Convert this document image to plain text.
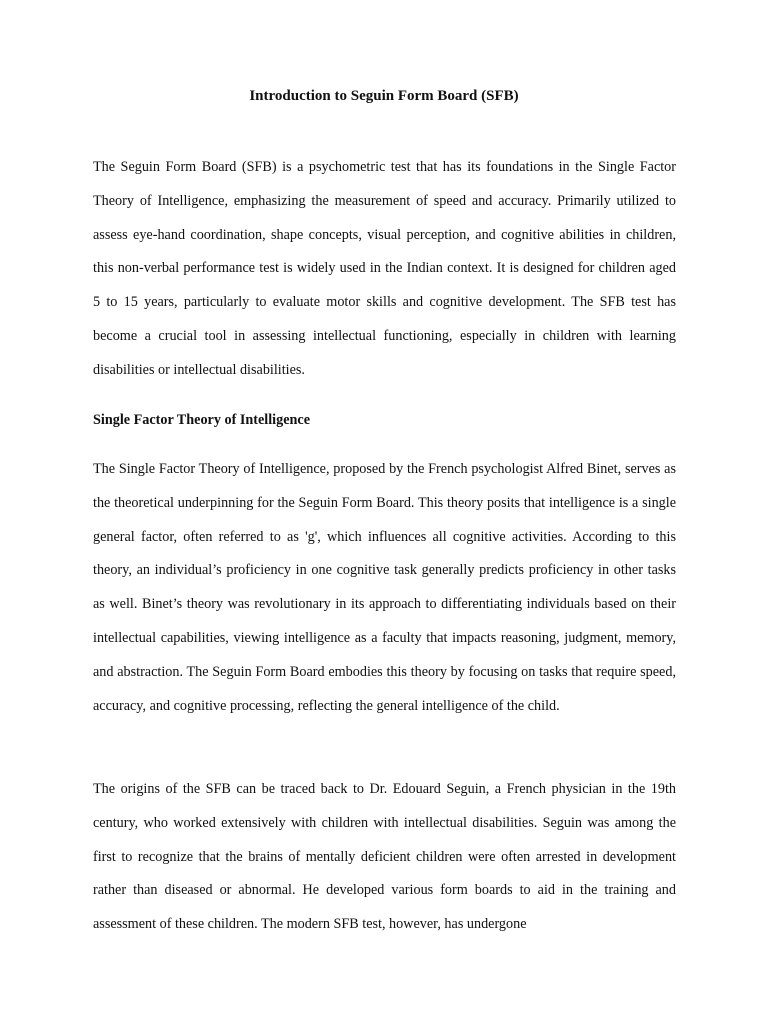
Introduction to Seguin Form Board (SFB)

The Seguin Form Board (SFB) is a psychometric test that has its foundations in the Single Factor Theory of Intelligence, emphasizing the measurement of speed and accuracy. Primarily utilized to assess eye-hand coordination, shape concepts, visual perception, and cognitive abilities in children, this non-verbal performance test is widely used in the Indian context. It is designed for children aged 5 to 15 years, particularly to evaluate motor skills and cognitive development. The SFB test has become a crucial tool in assessing intellectual functioning, especially in children with learning disabilities or intellectual disabilities.

Single Factor Theory of Intelligence

The Single Factor Theory of Intelligence, proposed by the French psychologist Alfred Binet, serves as the theoretical underpinning for the Seguin Form Board. This theory posits that intelligence is a single general factor, often referred to as 'g', which influences all cognitive activities. According to this theory, an individual’s proficiency in one cognitive task generally predicts proficiency in other tasks as well. Binet’s theory was revolutionary in its approach to differentiating individuals based on their intellectual capabilities, viewing intelligence as a faculty that impacts reasoning, judgment, memory, and abstraction. The Seguin Form Board embodies this theory by focusing on tasks that require speed, accuracy, and cognitive processing, reflecting the general intelligence of the child.

The origins of the SFB can be traced back to Dr. Edouard Seguin, a French physician in the 19th century, who worked extensively with children with intellectual disabilities. Seguin was among the first to recognize that the brains of mentally deficient children were often arrested in development rather than diseased or abnormal. He developed various form boards to aid in the training and assessment of these children. The modern SFB test, however, has undergone
